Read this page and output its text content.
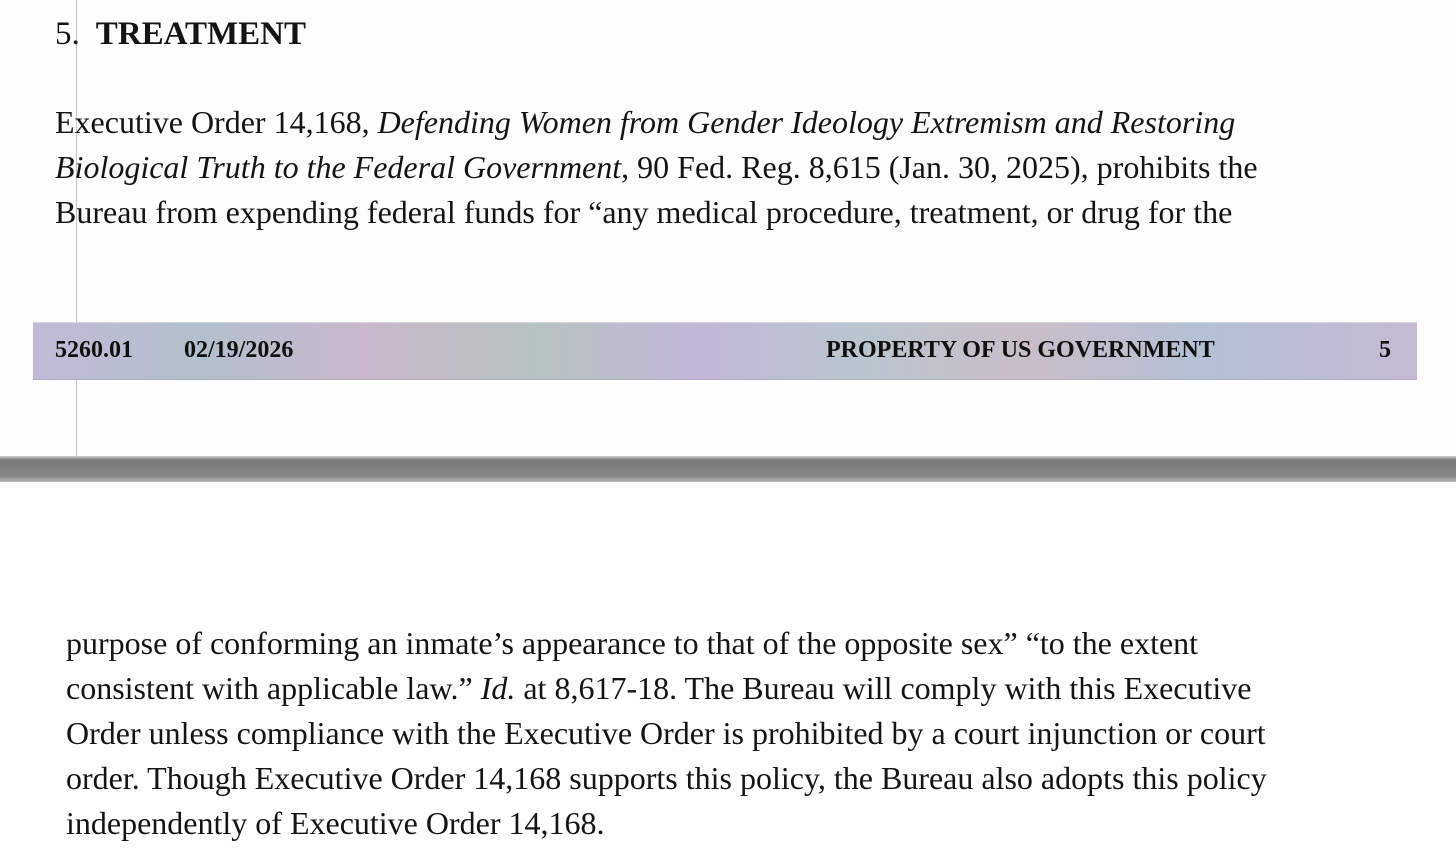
5. TREATMENT
Executive Order 14,168, Defending Women from Gender Ideology Extremism and Restoring
Biological Truth to the Federal Government, 90 Fed. Reg. 8,615 (Jan. 30, 2025), prohibits the
Bureau from expending federal funds for “any medical procedure, treatment, or drug for the
5260.01 02/19/2026	PROPERTY OF US GOVERNMENT	5
purpose of conforming an inmate’s appearance to that of the opposite sex” “to the extent
consistent with applicable law.” Id. at 8,617-18. The Bureau will comply with this Executive
Order unless compliance with the Executive Order is prohibited by a court injunction or court
order. Though Executive Order 14,168 supports this policy, the Bureau also adopts this policy
independently of Executive Order 14,168.
